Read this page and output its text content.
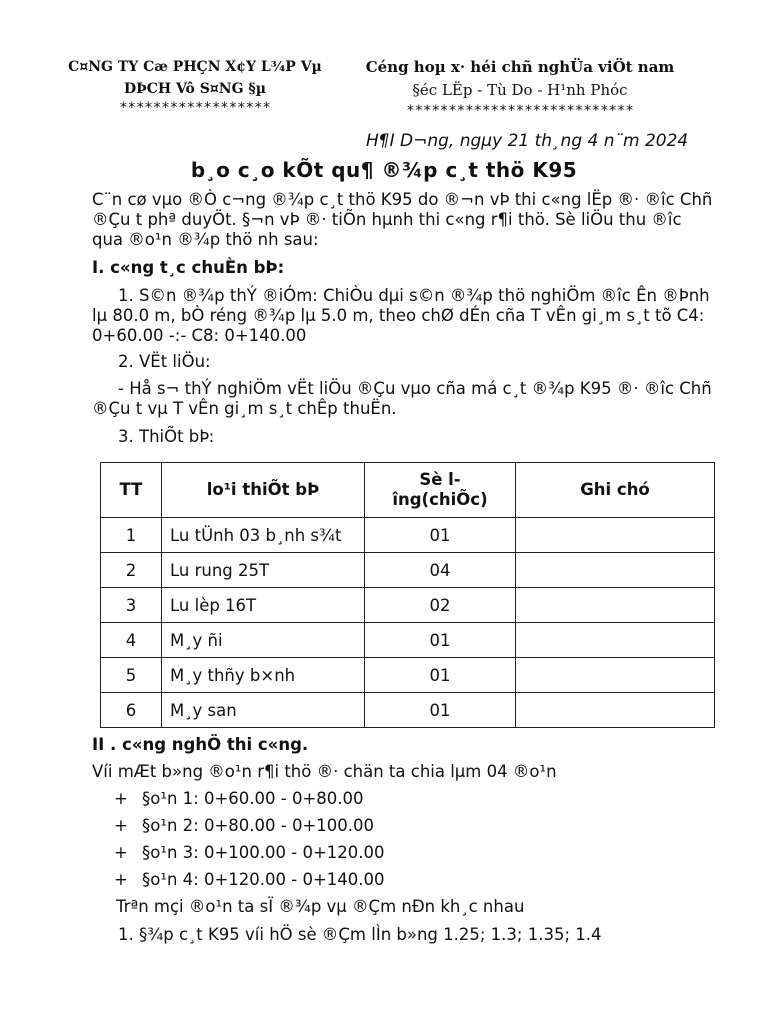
C¤NG TY Cæ PHÇN X¢Y L¾P Vµ
DÞCH Vô S¤NG §µ
******************
Céng hoµ x· héi chñ nghÜa viÖt nam
§éc LËp - Tù Do - H¹nh Phóc
***************************
H¶I D¬ng, ngµy 21 th¸ng 4 n¨m 2024
b¸o c¸o kÕt qu¶ ®¾p c¸t thö K95
C¨n cø vµo ®Ò c¬ng ®¾p c¸t thö K95 do ®¬n vÞ thi c«ng lËp ®· ®îc Chñ ®Çu t phª duyÖt. §¬n vÞ ®· tiÕn hµnh thi c«ng r¶i thö. Sè liÖu thu ®îc qua ®o¹n ®¾p thö nh sau:
I. c«ng t¸c chuÈn bÞ:
1. S©n ®¾p thÝ ®iÓm: ChiÒu dµi s©n ®¾p thö nghiÖm ®îc Ên ®Þnh lµ 80.0 m, bÒ réng ®¾p lµ 5.0 m, theo chØ dÉn cña T vÊn gi¸m s¸t tõ C4: 0+60.00 -:- C8: 0+140.00
2. VËt liÖu:
- Hå s¬ thÝ nghiÖm vËt liÖu ®Çu vµo cña má c¸t ®¾p K95 ®· ®îc Chñ ®Çu t vµ T vÊn gi¸m s¸t chÊp thuËn.
3. ThiÕt bÞ:
TT	lo¹i thiÕt bÞ	Sè l-
îng(chiÕc)	Ghi chó
1	Lu tÜnh 03 b¸nh s¾t	01	
2	Lu rung 25T	04	
3	Lu lèp 16T	02	
4	M¸y ñi	01	
5	M¸y thñy b×nh	01	
6	M¸y san	01	
II . c«ng nghÖ thi c«ng.
Víi mÆt b»ng ®o¹n r¶i thö ®· chän ta chia lµm 04 ®o¹n
+ §o¹n 1: 0+60.00 - 0+80.00
+ §o¹n 2: 0+80.00 - 0+100.00
+ §o¹n 3: 0+100.00 - 0+120.00
+ §o¹n 4: 0+120.00 - 0+140.00
Trªn mçi ®o¹n ta sÏ ®¾p vµ ®Çm nÐn kh¸c nhau
1. §¾p c¸t K95 víi hÖ sè ®Çm lÌn b»ng 1.25; 1.3; 1.35; 1.4
